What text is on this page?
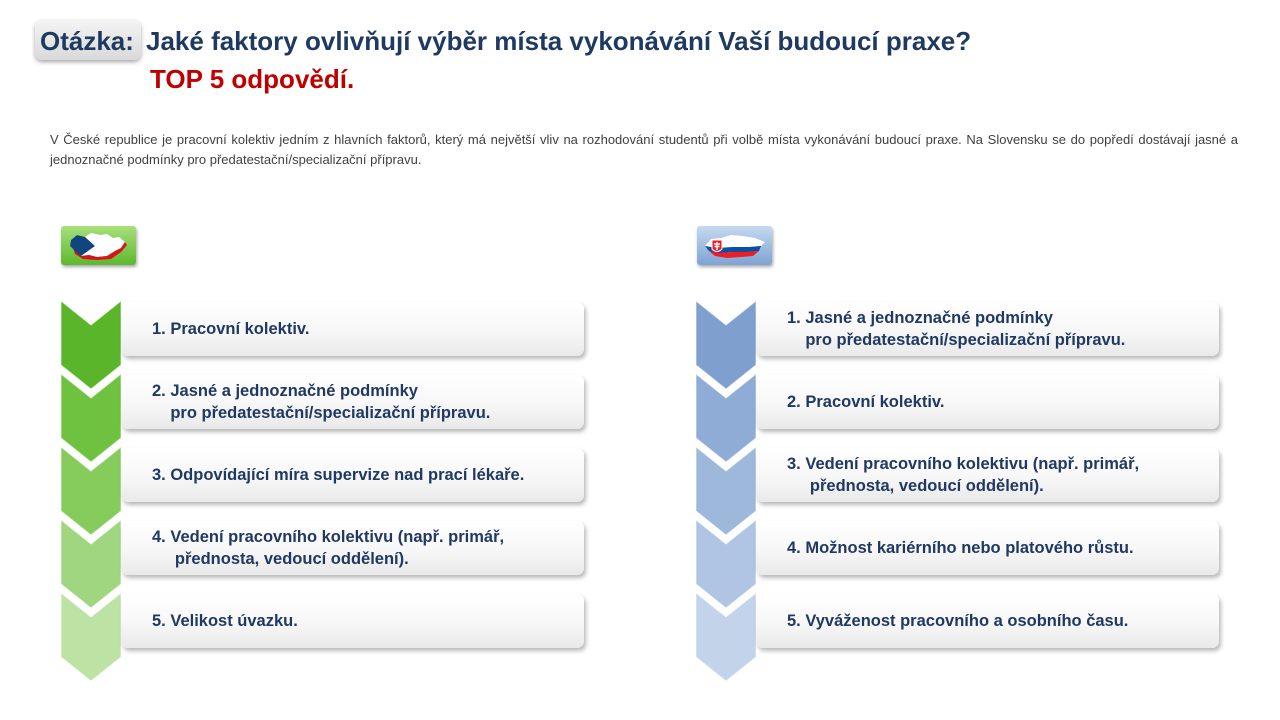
Otázka: Jaké faktory ovlivňují výběr místa vykonávání Vaší budoucí praxe?
TOP 5 odpovědí.

V České republice je pracovní kolektiv jedním z hlavních faktorů, který má největší vliv na rozhodování studentů při volbě místa vykonávání budoucí praxe. Na Slovensku se do popředí dostávají jasné a jednoznačné podmínky pro předatestační/specializační přípravu.

1. Pracovní kolektiv.
2. Jasné a jednoznačné podmínky
pro předatestační/specializační přípravu.
3. Odpovídající míra supervize nad prací lékaře.
4. Vedení pracovního kolektivu (např. primář,
přednosta, vedoucí oddělení).
5. Velikost úvazku.
1. Jasné a jednoznačné podmínky
pro předatestační/specializační přípravu.
2. Pracovní kolektiv.
3. Vedení pracovního kolektivu (např. primář,
přednosta, vedoucí oddělení).
4. Možnost kariérního nebo platového růstu.
5. Vyváženost pracovního a osobního času.
